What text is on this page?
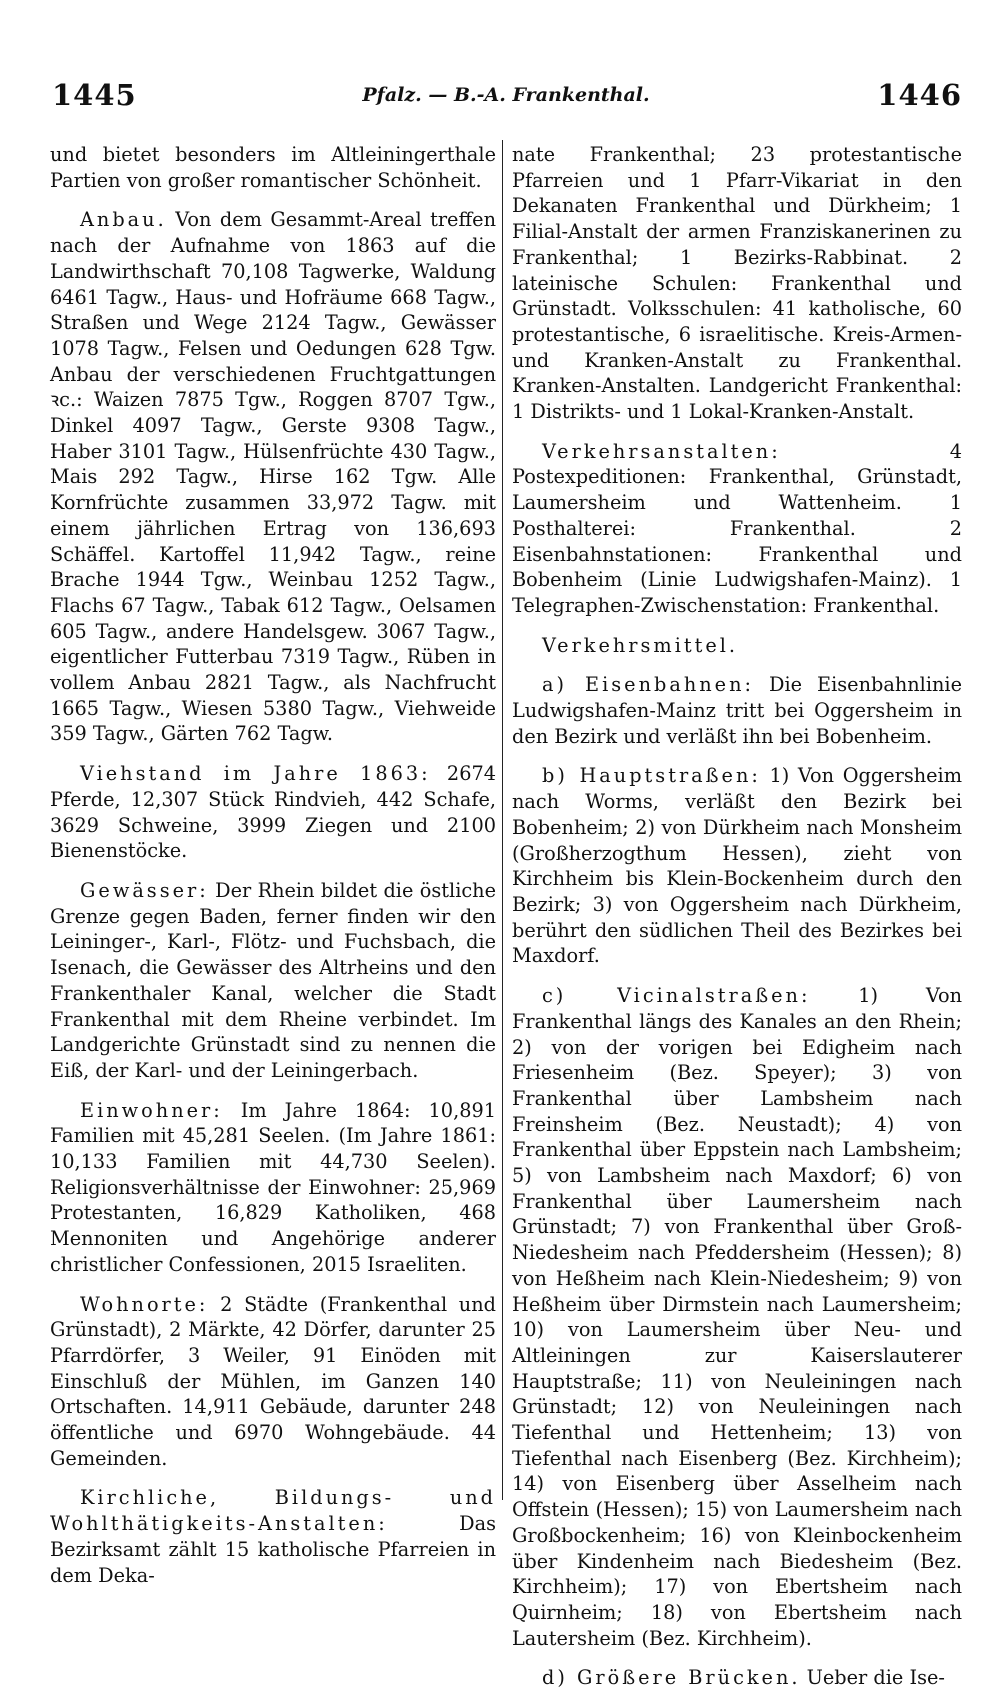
1445	Pfalz. — B.-A. Frankenthal.	1446

und bietet besonders im Altleiningerthale Partien von großer romantischer Schönheit.

Anbau. Von dem Gesammt-Areal treffen nach der Aufnahme von 1863 auf die Landwirthschaft 70,108 Tagwerke, Waldung 6461 Tagw., Haus- und Hofräume 668 Tagw., Straßen und Wege 2124 Tagw., Gewässer 1078 Tagw., Felsen und Oedungen 628 Tgw. Anbau der verschiedenen Fruchtgattungen ꝛc.: Waizen 7875 Tgw., Roggen 8707 Tgw., Dinkel 4097 Tagw., Gerste 9308 Tagw., Haber 3101 Tagw., Hülsenfrüchte 430 Tagw., Mais 292 Tagw., Hirse 162 Tgw. Alle Kornfrüchte zusammen 33,972 Tagw. mit einem jährlichen Ertrag von 136,693 Schäffel. Kartoffel 11,942 Tagw., reine Brache 1944 Tgw., Weinbau 1252 Tagw., Flachs 67 Tagw., Tabak 612 Tagw., Oelsamen 605 Tagw., andere Handelsgew. 3067 Tagw., eigentlicher Futterbau 7319 Tagw., Rüben in vollem Anbau 2821 Tagw., als Nachfrucht 1665 Tagw., Wiesen 5380 Tagw., Viehweide 359 Tagw., Gärten 762 Tagw.

Viehstand im Jahre 1863: 2674 Pferde, 12,307 Stück Rindvieh, 442 Schafe, 3629 Schweine, 3999 Ziegen und 2100 Bienenstöcke.

Gewässer: Der Rhein bildet die östliche Grenze gegen Baden, ferner finden wir den Leininger-, Karl-, Flötz- und Fuchsbach, die Isenach, die Gewässer des Altrheins und den Frankenthaler Kanal, welcher die Stadt Frankenthal mit dem Rheine verbindet. Im Landgerichte Grünstadt sind zu nennen die Eiß, der Karl- und der Leiningerbach.

Einwohner: Im Jahre 1864: 10,891 Familien mit 45,281 Seelen. (Im Jahre 1861: 10,133 Familien mit 44,730 Seelen). Religionsverhältnisse der Einwohner: 25,969 Protestanten, 16,829 Katholiken, 468 Mennoniten und Angehörige anderer christlicher Confessionen, 2015 Israeliten.

Wohnorte: 2 Städte (Frankenthal und Grünstadt), 2 Märkte, 42 Dörfer, darunter 25 Pfarrdörfer, 3 Weiler, 91 Einöden mit Einschluß der Mühlen, im Ganzen 140 Ortschaften. 14,911 Gebäude, darunter 248 öffentliche und 6970 Wohngebäude. 44 Gemeinden.

Kirchliche, Bildungs- und Wohlthätigkeits-Anstalten: Das Bezirksamt zählt 15 katholische Pfarreien in dem Deka-

nate Frankenthal; 23 protestantische Pfarreien und 1 Pfarr-Vikariat in den Dekanaten Frankenthal und Dürkheim; 1 Filial-Anstalt der armen Franziskanerinen zu Frankenthal; 1 Bezirks-Rabbinat. 2 lateinische Schulen: Frankenthal und Grünstadt. Volksschulen: 41 katholische, 60 protestantische, 6 israelitische. Kreis-Armen- und Kranken-Anstalt zu Frankenthal. Kranken-Anstalten. Landgericht Frankenthal: 1 Distrikts- und 1 Lokal-Kranken-Anstalt.

Verkehrsanstalten: 4 Postexpeditionen: Frankenthal, Grünstadt, Laumersheim und Wattenheim. 1 Posthalterei: Frankenthal. 2 Eisenbahnstationen: Frankenthal und Bobenheim (Linie Ludwigshafen-Mainz). 1 Telegraphen-Zwischenstation: Frankenthal.

Verkehrsmittel.

a) Eisenbahnen: Die Eisenbahnlinie Ludwigshafen-Mainz tritt bei Oggersheim in den Bezirk und verläßt ihn bei Bobenheim.

b) Hauptstraßen: 1) Von Oggersheim nach Worms, verläßt den Bezirk bei Bobenheim; 2) von Dürkheim nach Monsheim (Großherzogthum Hessen), zieht von Kirchheim bis Klein-Bockenheim durch den Bezirk; 3) von Oggersheim nach Dürkheim, berührt den südlichen Theil des Bezirkes bei Maxdorf.

c) Vicinalstraßen: 1) Von Frankenthal längs des Kanales an den Rhein; 2) von der vorigen bei Edigheim nach Friesenheim (Bez. Speyer); 3) von Frankenthal über Lambsheim nach Freinsheim (Bez. Neustadt); 4) von Frankenthal über Eppstein nach Lambsheim; 5) von Lambsheim nach Maxdorf; 6) von Frankenthal über Laumersheim nach Grünstadt; 7) von Frankenthal über Groß-Niedesheim nach Pfeddersheim (Hessen); 8) von Heßheim nach Klein-Niedesheim; 9) von Heßheim über Dirmstein nach Laumersheim; 10) von Laumersheim über Neu- und Altleiningen zur Kaiserslauterer Hauptstraße; 11) von Neuleiningen nach Grünstadt; 12) von Neuleiningen nach Tiefenthal und Hettenheim; 13) von Tiefenthal nach Eisenberg (Bez. Kirchheim); 14) von Eisenberg über Asselheim nach Offstein (Hessen); 15) von Laumersheim nach Großbockenheim; 16) von Kleinbockenheim über Kindenheim nach Biedesheim (Bez. Kirchheim); 17) von Ebertsheim nach Quirnheim; 18) von Ebertsheim nach Lautersheim (Bez. Kirchheim).

d) Größere Brücken. Ueber die Ise-
